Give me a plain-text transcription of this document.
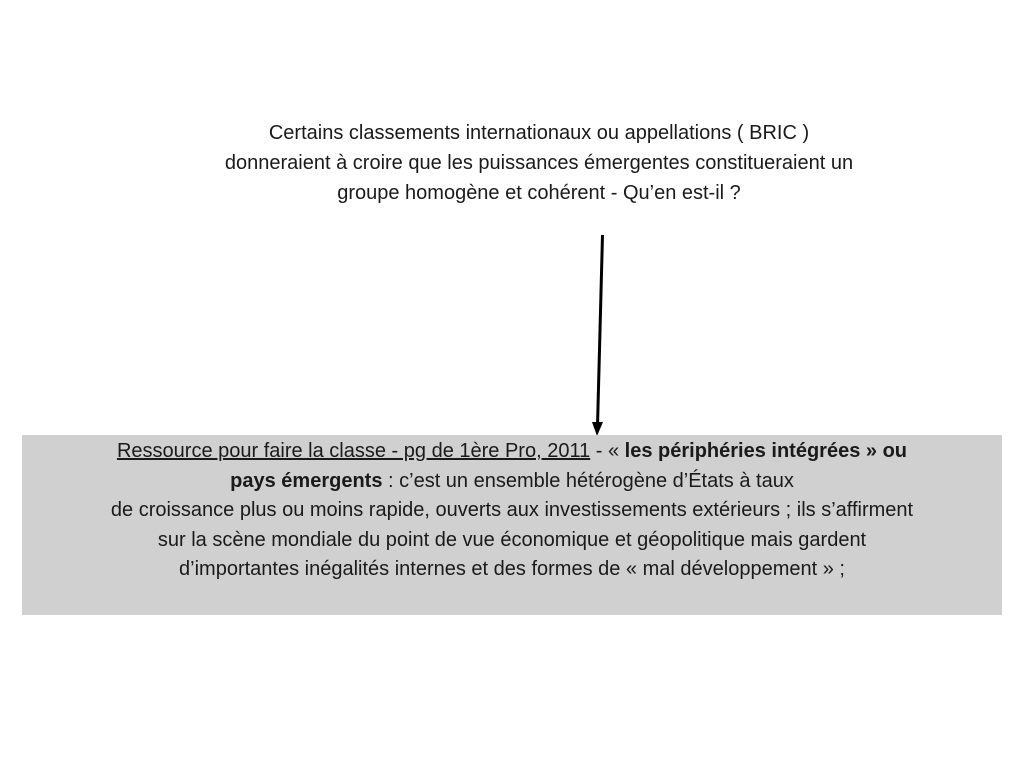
Certains classements internationaux ou appellations ( BRIC )
donneraient à croire que les puissances émergentes constitueraient un
groupe homogène et cohérent - Qu’en est-il ?
Ressource pour faire la classe - pg de 1ère Pro, 2011 - « les périphéries intégrées » ou
pays émergents : c’est un ensemble hétérogène d’États à taux
de croissance plus ou moins rapide, ouverts aux investissements extérieurs ; ils s’affirment
sur la scène mondiale du point de vue économique et géopolitique mais gardent
d’importantes inégalités internes et des formes de « mal développement » ;
